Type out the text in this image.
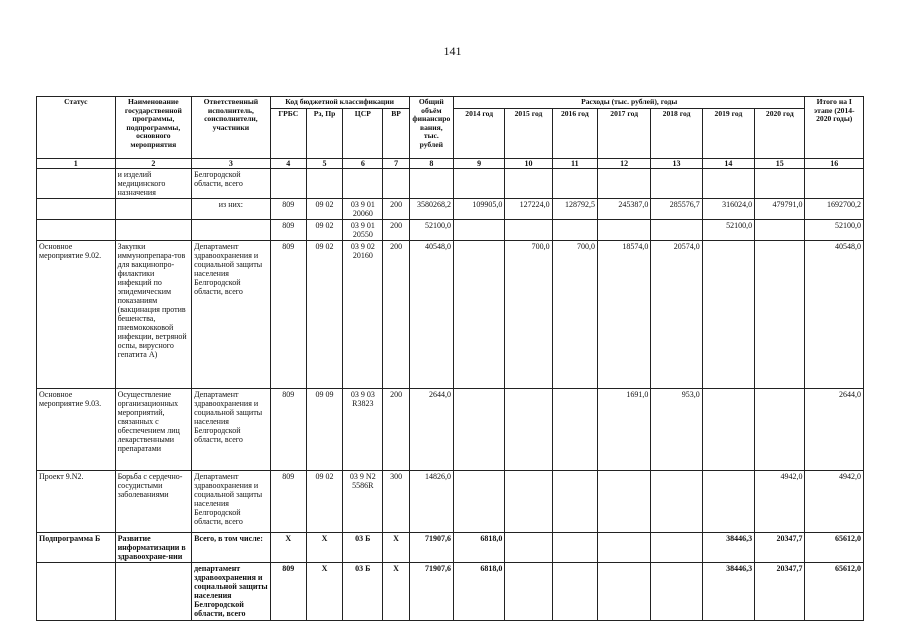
141
Статус	Наименование государственной программы, подпрограммы, основного мероприятия	Ответственный исполнитель, соисполнители, участники	Код бюджетной классификации				Общий объём финансиро вания, тыс. рублей	Расходы (тыс. рублей), годы							Итого на I этапе (2014-2020 годы)
			ГРБС	Рз, Пр	ЦСР	ВР		2014 год	2015 год	2016 год	2017 год	2018 год	2019 год	2020 год	
1	2	3	4	5	6	7	8	9	10	11	12	13	14	15	16
	и изделий медицинского назначения	Белгородской области, всего													
		из них:	809	09 02	03 9 01 20060	200	3580268,2	109905,0	127224,0	128792,5	245387,0	285576,7	316024,0	479791,0	1692700,2
			809	09 02	03 9 01 20550	200	52100,0						52100,0		52100,0
Основное мероприятие 9.02.	Закупки иммунопрепара-тов для вакцинопро-филактики инфекций по эпидемическим показаниям (вакцинация против бешенства, пневмококковой инфекции, ветряной оспы, вирусного гепатита А)	Департамент здравоохранения и социальной защиты населения Белгородской области, всего	809	09 02	03 9 02 20160	200	40548,0		700,0	700,0	18574,0	20574,0			40548,0
Основное мероприятие 9.03.	Осуществление организационных мероприятий, связанных с обеспечением лиц лекарственными препаратами	Департамент здравоохранения и социальной защиты населения Белгородской области, всего	809	09 09	03 9 03 R3823	200	2644,0				1691,0	953,0			2644,0
Проект 9.N2.	Борьба с сердечно-сосудистыми заболеваниями	Департамент здравоохранения и социальной защиты населения Белгородской области, всего	809	09 02	03 9 N2 5586R	300	14826,0							4942,0	4942,0
Подпрограмма Б	Развитие информатизации в здравоохране-нии	Всего, в том числе:	Х	Х	03 Б	Х	71907,6	6818,0					38446,3	20347,7	65612,0
		департамент здравоохранения и социальной защиты населения Белгородской области, всего	809	Х	03 Б	Х	71907,6	6818,0					38446,3	20347,7	65612,0
